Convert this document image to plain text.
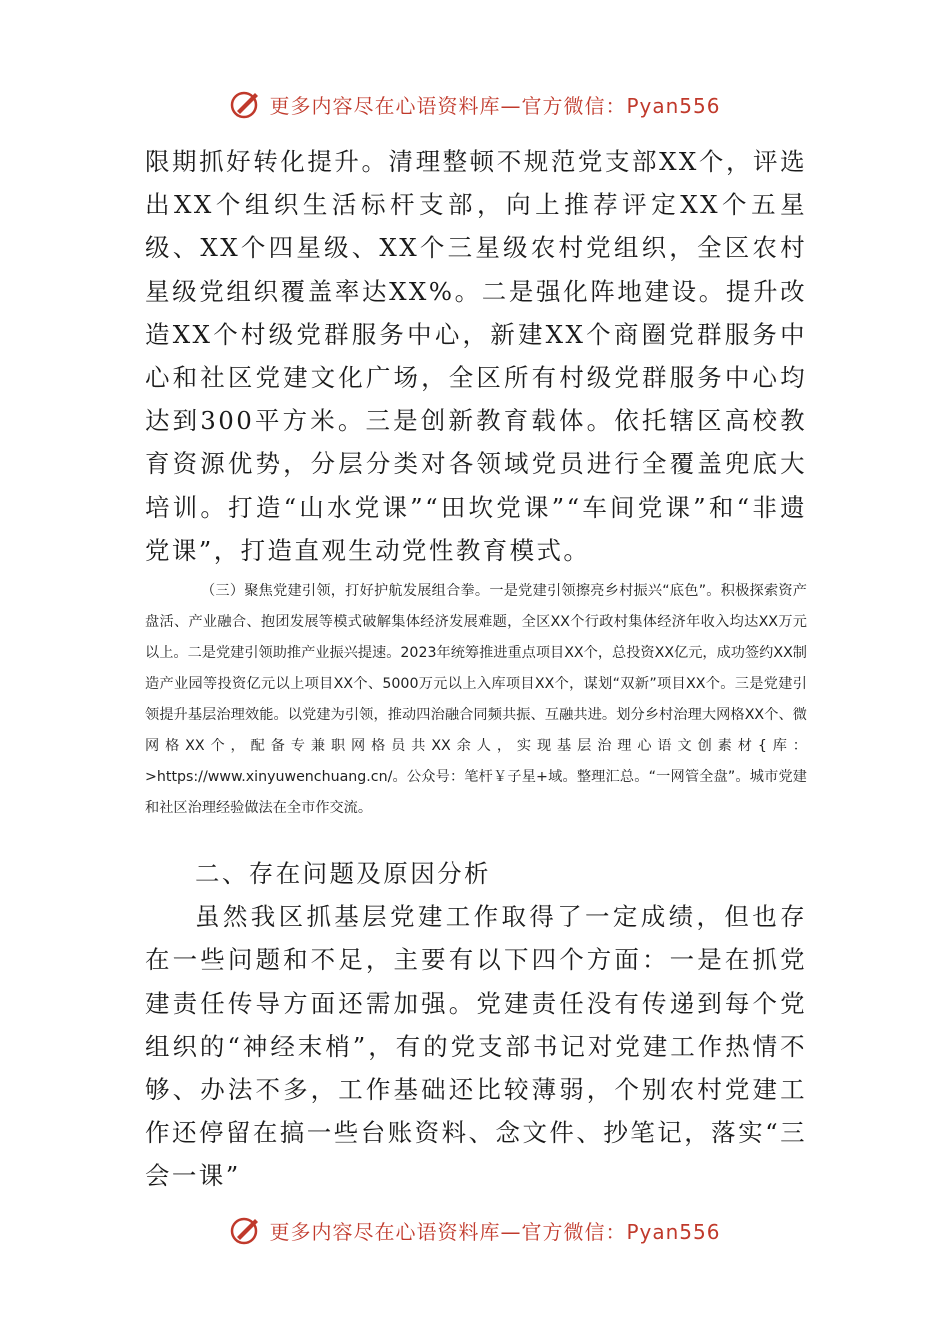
更多内容尽在心语资料库—官方微信：Pyan556

限期抓好转化提升。清理整顿不规范党支部XX个，评选出XX个组织生活标杆支部，向上推荐评定XX个五星级、XX个四星级、XX个三星级农村党组织，全区农村星级党组织覆盖率达XX%。二是强化阵地建设。提升改造XX个村级党群服务中心，新建XX个商圈党群服务中心和社区党建文化广场，全区所有村级党群服务中心均达到300平方米。三是创新教育载体。依托辖区高校教育资源优势，分层分类对各领域党员进行全覆盖兜底大培训。打造“山水党课”“田坎党课”“车间党课”和“非遗党课”，打造直观生动党性教育模式。

（三）聚焦党建引领，打好护航发展组合拳。一是党建引领擦亮乡村振兴“底色”。积极探索资产盘活、产业融合、抱团发展等模式破解集体经济发展难题，全区XX个行政村集体经济年收入均达XX万元以上。二是党建引领助推产业振兴提速。2023年统筹推进重点项目XX个，总投资XX亿元，成功签约XX制造产业园等投资亿元以上项目XX个、5000万元以上入库项目XX个，谋划“双新”项目XX个。三是党建引领提升基层治理效能。以党建为引领，推动四治融合同频共振、互融共进。划分乡村治理大网格XX个、微网格XX个，配备专兼职网格员共XX余人，实现基层治理心语文创素材{库：>https://www.xinyuwenchuang.cn/。公众号：笔杆￥子星+域。整理汇总。“一网管全盘”。城市党建和社区治理经验做法在全市作交流。

二、存在问题及原因分析

虽然我区抓基层党建工作取得了一定成绩，但也存在一些问题和不足，主要有以下四个方面：一是在抓党建责任传导方面还需加强。党建责任没有传递到每个党组织的“神经末梢”，有的党支部书记对党建工作热情不够、办法不多，工作基础还比较薄弱，个别农村党建工作还停留在搞一些台账资料、念文件、抄笔记，落实“三会一课”

更多内容尽在心语资料库—官方微信：Pyan556
